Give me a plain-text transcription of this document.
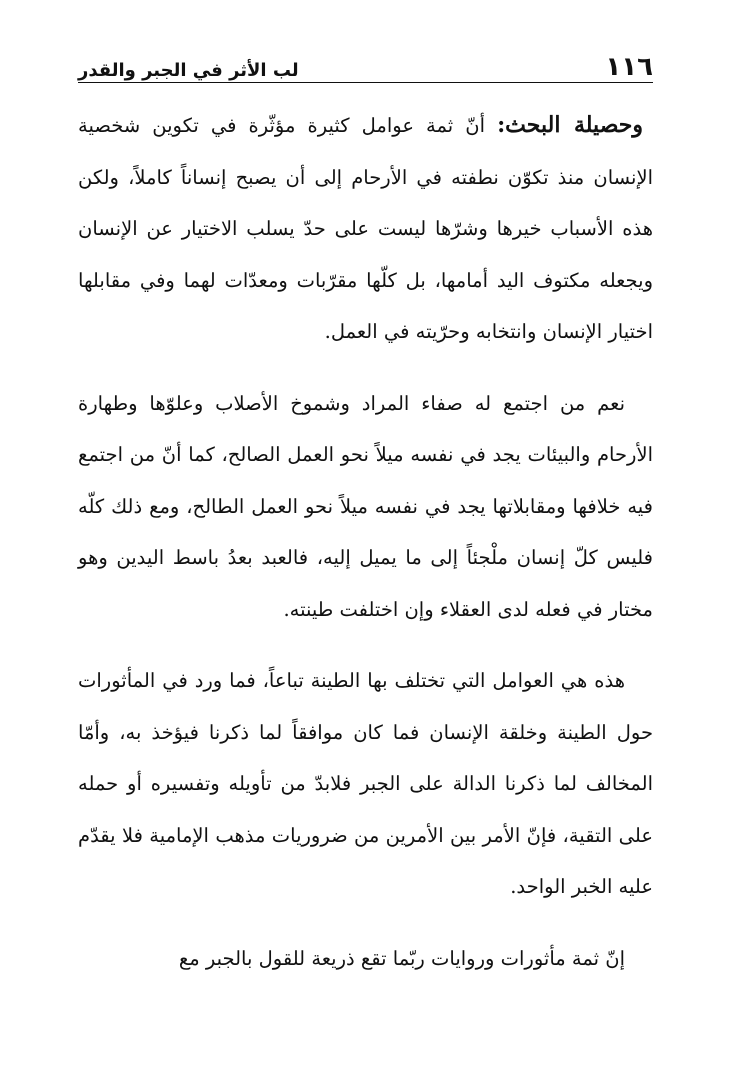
١١٦
لب الأثر في الجبر والقدر

وحصيلة البحث: أنّ ثمة عوامل كثيرة مؤثّرة في تكوين شخصية الإنسان منذ تكوّن نطفته في الأرحام إلى أن يصبح إنساناً كاملاً، ولكن هذه الأسباب خيرها وشرّها ليست على حدّ يسلب الاختيار عن الإنسان ويجعله مكتوف اليد أمامها، بل كلّها مقرّبات ومعدّات لهما وفي مقابلها اختيار الإنسان وانتخابه وحرّيته في العمل.

نعم من اجتمع له صفاء المراد وشموخ الأصلاب وعلوّها وطهارة الأرحام والبيئات يجد في نفسه ميلاً نحو العمل الصالح، كما أنّ من اجتمع فيه خلافها ومقابلاتها يجد في نفسه ميلاً نحو العمل الطالح، ومع ذلك كلّه فليس كلّ إنسان ملْجئاً إلى ما يميل إليه، فالعبد بعدُ باسط اليدين وهو مختار في فعله لدى العقلاء وإن اختلفت طينته.

هذه هي العوامل التي تختلف بها الطينة تباعاً، فما ورد في المأثورات حول الطينة وخلقة الإنسان فما كان موافقاً لما ذكرنا فيؤخذ به، وأمّا المخالف لما ذكرنا الدالة على الجبر فلابدّ من تأويله وتفسيره أو حمله على التقية، فإنّ الأمر بين الأمرين من ضروريات مذهب الإمامية فلا يقدّم عليه الخبر الواحد.

إنّ ثمة مأثورات وروايات ربّما تقع ذريعة للقول بالجبر مع
